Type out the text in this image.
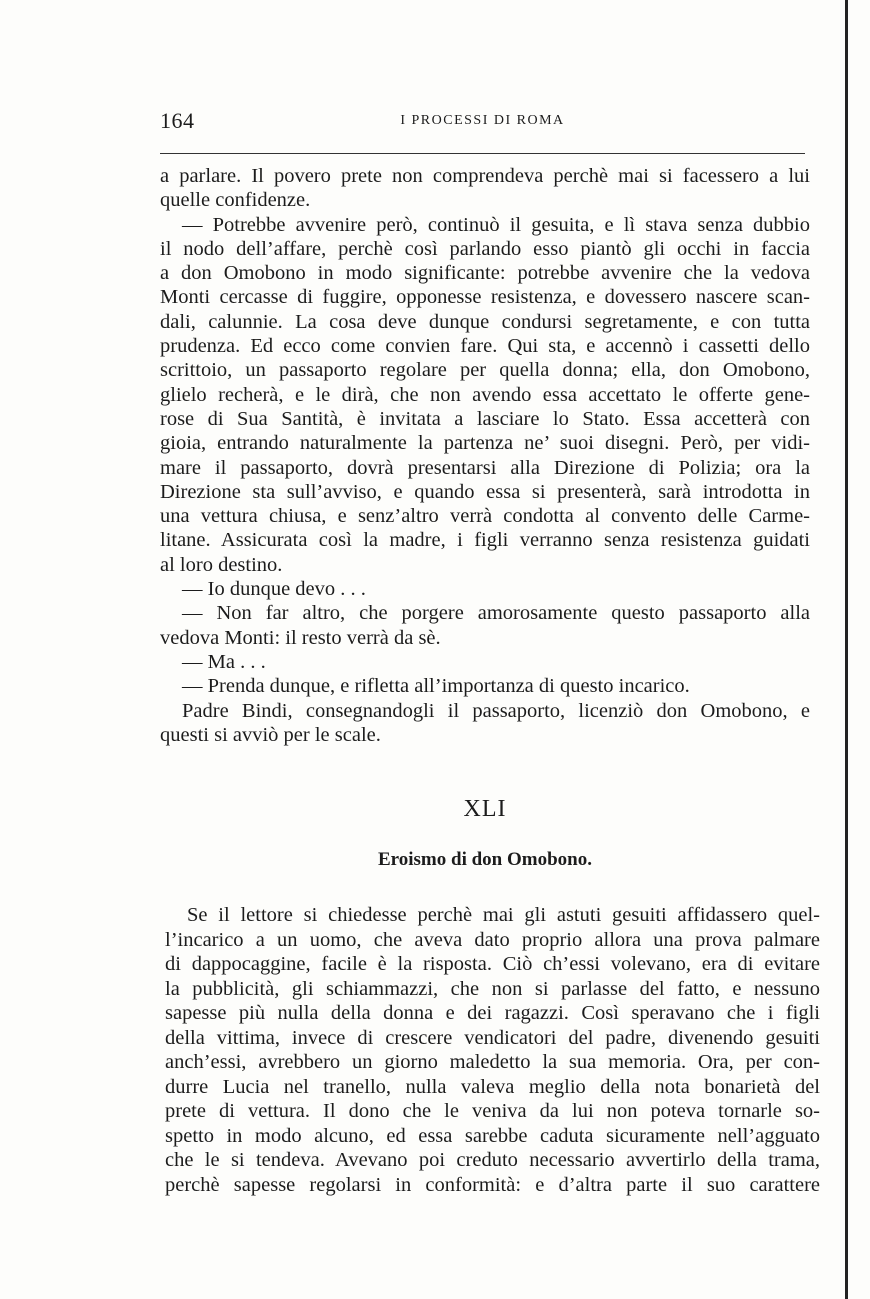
164	I PROCESSI DI ROMA
a parlare. Il povero prete non comprendeva perchè mai si facessero a lui
quelle confidenze.
— Potrebbe avvenire però, continuò il gesuita, e lì stava senza dubbio
il nodo dell’affare, perchè così parlando esso piantò gli occhi in faccia
a don Omobono in modo significante: potrebbe avvenire che la vedova
Monti cercasse di fuggire, opponesse resistenza, e dovessero nascere scan-
dali, calunnie. La cosa deve dunque condursi segretamente, e con tutta
prudenza. Ed ecco come convien fare. Qui sta, e accennò i cassetti dello
scrittoio, un passaporto regolare per quella donna; ella, don Omobono,
glielo recherà, e le dirà, che non avendo essa accettato le offerte gene-
rose di Sua Santità, è invitata a lasciare lo Stato. Essa accetterà con
gioia, entrando naturalmente la partenza ne’ suoi disegni. Però, per vidi-
mare il passaporto, dovrà presentarsi alla Direzione di Polizia; ora la
Direzione sta sull’avviso, e quando essa si presenterà, sarà introdotta in
una vettura chiusa, e senz’altro verrà condotta al convento delle Carme-
litane. Assicurata così la madre, i figli verranno senza resistenza guidati
al loro destino.
— Io dunque devo . . .
— Non far altro, che porgere amorosamente questo passaporto alla
vedova Monti: il resto verrà da sè.
— Ma . . .
— Prenda dunque, e rifletta all’importanza di questo incarico.
Padre Bindi, consegnandogli il passaporto, licenziò don Omobono, e
questi si avviò per le scale.
XLI
Eroismo di don Omobono.
Se il lettore si chiedesse perchè mai gli astuti gesuiti affidassero quel-
l’incarico a un uomo, che aveva dato proprio allora una prova palmare
di dappocaggine, facile è la risposta. Ciò ch’essi volevano, era di evitare
la pubblicità, gli schiammazzi, che non si parlasse del fatto, e nessuno
sapesse più nulla della donna e dei ragazzi. Così speravano che i figli
della vittima, invece di crescere vendicatori del padre, divenendo gesuiti
anch’essi, avrebbero un giorno maledetto la sua memoria. Ora, per con-
durre Lucia nel tranello, nulla valeva meglio della nota bonarietà del
prete di vettura. Il dono che le veniva da lui non poteva tornarle so-
spetto in modo alcuno, ed essa sarebbe caduta sicuramente nell’agguato
che le si tendeva. Avevano poi creduto necessario avvertirlo della trama,
perchè sapesse regolarsi in conformità: e d’altra parte il suo carattere
